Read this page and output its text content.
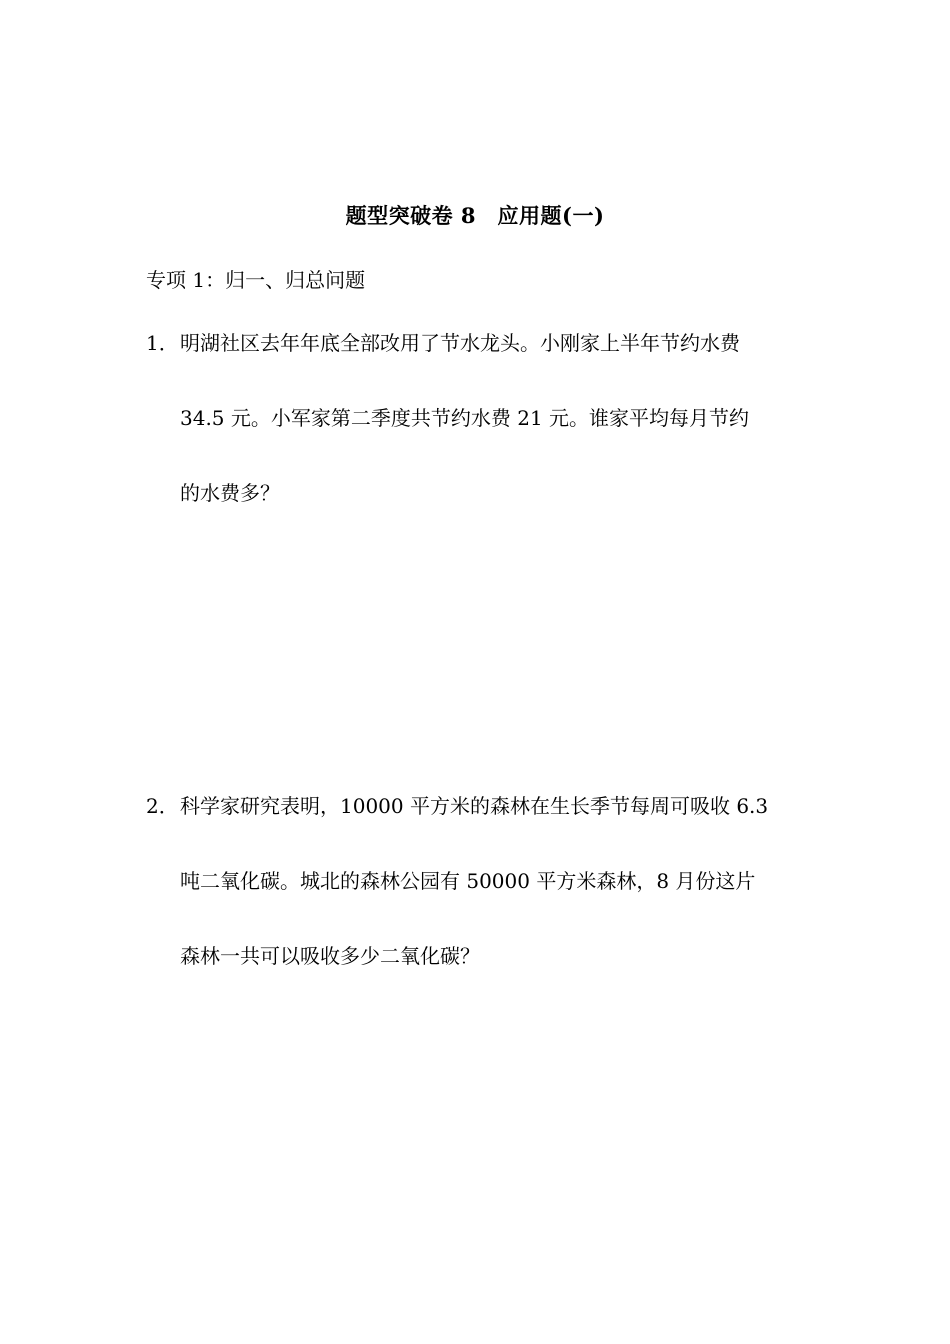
题型突破卷 8　应用题(一)
专项 1：归一、归总问题
1．明湖社区去年年底全部改用了节水龙头。小刚家上半年节约水费
34.5 元。小军家第二季度共节约水费 21 元。谁家平均每月节约
的水费多？
2．科学家研究表明，10000 平方米的森林在生长季节每周可吸收 6.3
吨二氧化碳。城北的森林公园有 50000 平方米森林，8 月份这片
森林一共可以吸收多少二氧化碳？
